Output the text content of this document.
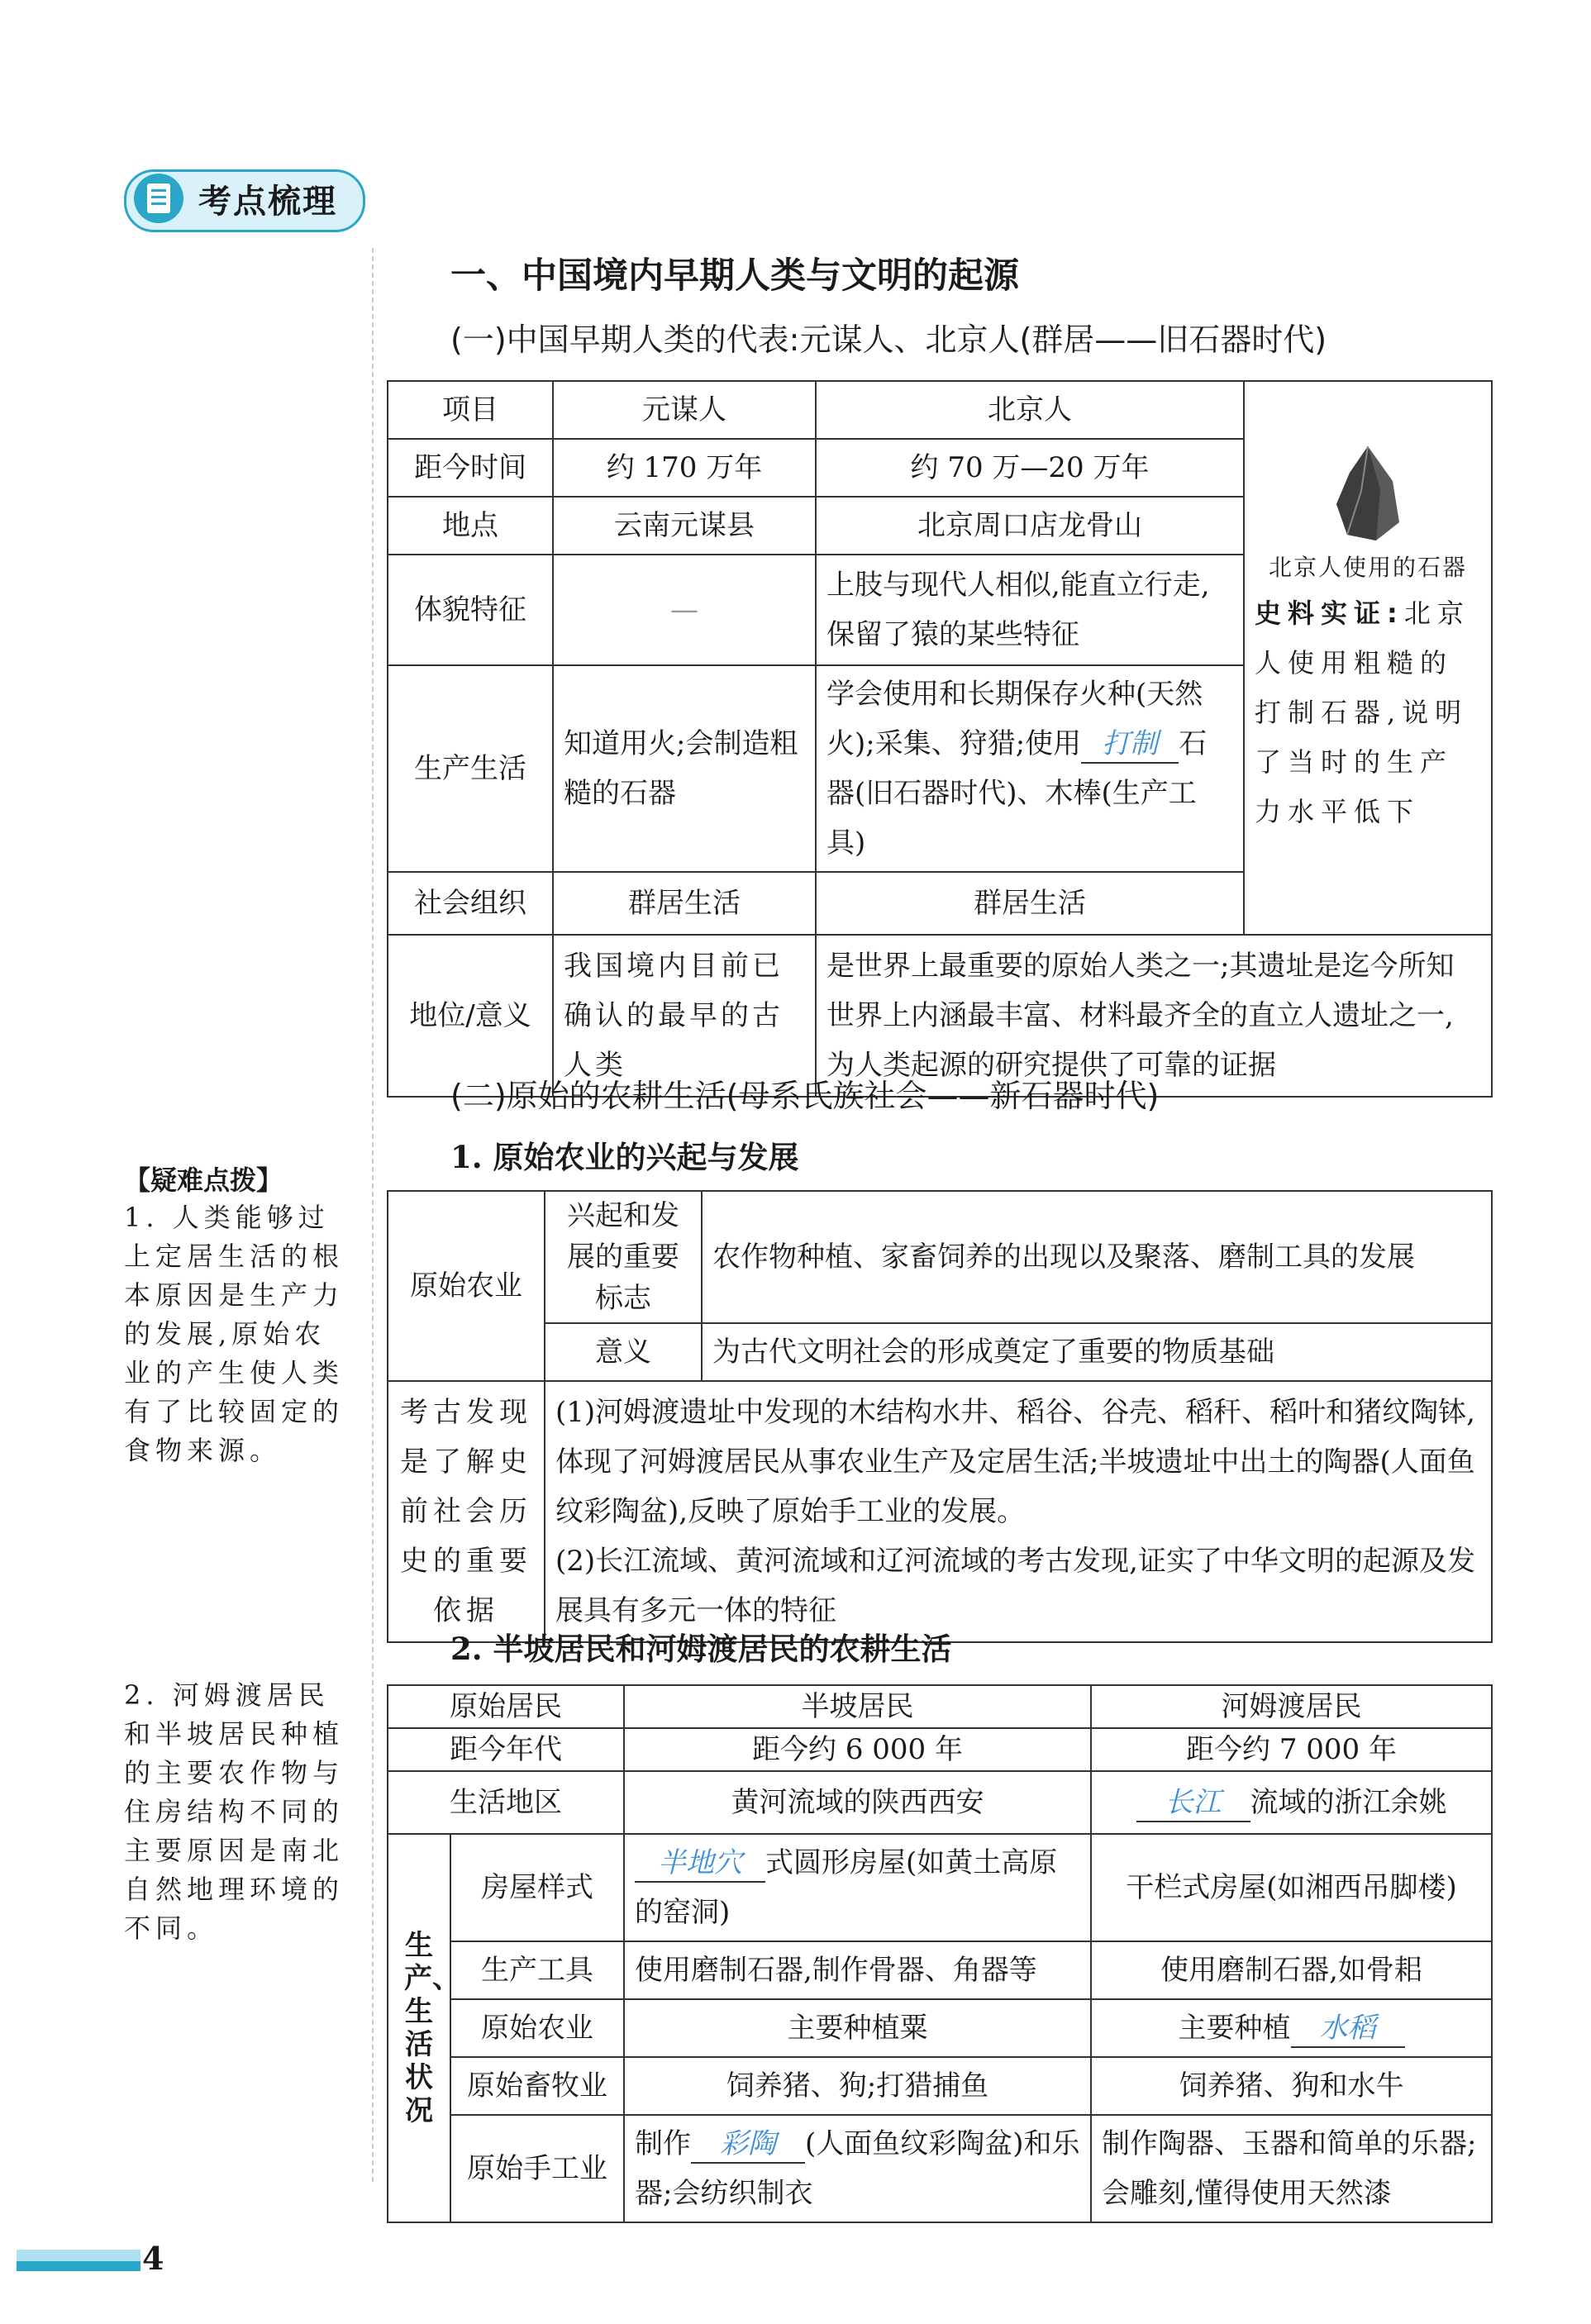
考点梳理
一、中国境内早期人类与文明的起源
(一)中国早期人类的代表:元谋人、北京人(群居——旧石器时代)
项目	元谋人	北京人	北京人使用的石器
史料实证:北京人使用粗糙的打制石器,说明了当时的生产力水平低下

距今时间	约 170 万年	约 70 万—20 万年	
地点	云南元谋县	北京周口店龙骨山	
体貌特征	—	上肢与现代人相似,能直立行走,保留了猿的某些特征	
生产生活	知道用火;会制造粗糙的石器	学会使用和长期保存火种(天然火);采集、狩猎;使用 打制 石器(旧石器时代)、木棒(生产工具)	
社会组织	群居生活	群居生活	
地位/意义	我国境内目前已确认的最早的古人类	是世界上最重要的原始人类之一;其遗址是迄今所知世界上内涵最丰富、材料最齐全的直立人遗址之一,为人类起源的研究提供了可靠的证据	
(二)原始的农耕生活(母系氏族社会——新石器时代)
1. 原始农业的兴起与发展
原始农业	兴起和发展的重要标志	农作物种植、家畜饲养的出现以及聚落、磨制工具的发展
	意义	为古代文明社会的形成奠定了重要的物质基础
考古发现是了解史前社会历史的重要依据	(1)河姆渡遗址中发现的木结构水井、稻谷、谷壳、稻秆、稻叶和猪纹陶钵,体现了河姆渡居民从事农业生产及定居生活;半坡遗址中出土的陶器(人面鱼纹彩陶盆),反映了原始手工业的发展。
(2)长江流域、黄河流域和辽河流域的考古发现,证实了中华文明的起源及发展具有多元一体的特征	
2. 半坡居民和河姆渡居民的农耕生活
原始居民		半坡居民	河姆渡居民
距今年代		距今约 6 000 年	距今约 7 000 年
生活地区		黄河流域的陕西西安	长江 流域的浙江余姚

生产、生活状况	房屋样式	半地穴 式圆形房屋(如黄土高原的窑洞)	干栏式房屋(如湘西吊脚楼)
	生产工具	使用磨制石器,制作骨器、角器等	使用磨制石器,如骨耜
	原始农业	主要种植粟	主要种植 水稻
	原始畜牧业	饲养猪、狗;打猎捕鱼	饲养猪、狗和水牛
	原始手工业	制作 彩陶 (人面鱼纹彩陶盆)和乐器;会纺织制衣	制作陶器、玉器和简单的乐器;会雕刻,懂得使用天然漆
【疑难点拨】
1. 人类能够过上定居生活的根本原因是生产力的发展,原始农业的产生使人类有了比较固定的食物来源。
2. 河姆渡居民和半坡居民种植的主要农作物与住房结构不同的主要原因是南北自然地理环境的不同。
4
